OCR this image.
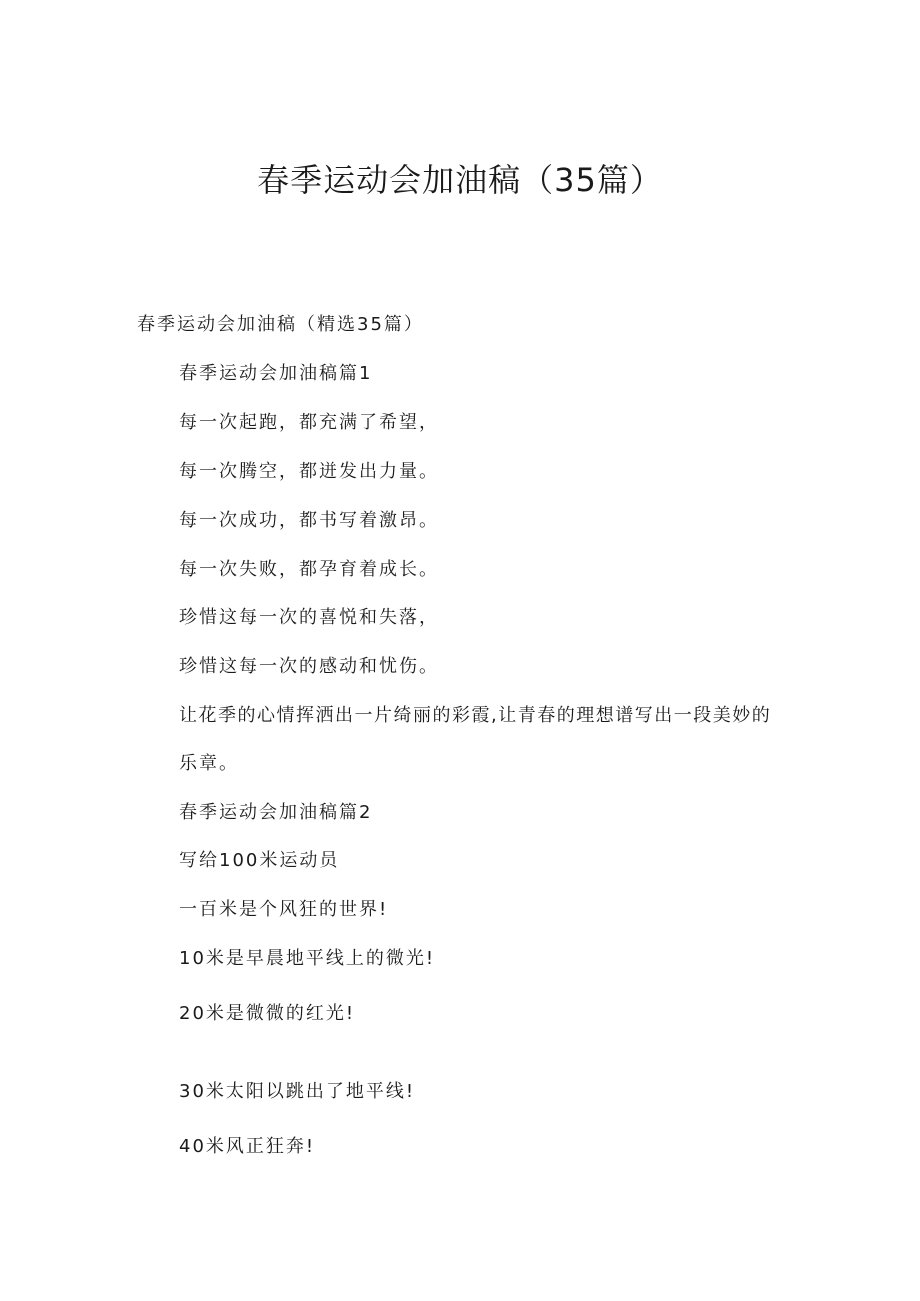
春季运动会加油稿（35篇）

春季运动会加油稿（精选35篇）

春季运动会加油稿篇1

每一次起跑，都充满了希望，

每一次腾空，都迸发出力量。

每一次成功，都书写着激昂。

每一次失败，都孕育着成长。

珍惜这每一次的喜悦和失落，

珍惜这每一次的感动和忧伤。

让花季的心情挥洒出一片绮丽的彩霞,让青春的理想谱写出一段美妙的

乐章。

春季运动会加油稿篇2

写给100米运动员

一百米是个风狂的世界!

10米是早晨地平线上的微光!

20米是微微的红光!

30米太阳以跳出了地平线!

40米风正狂奔!
